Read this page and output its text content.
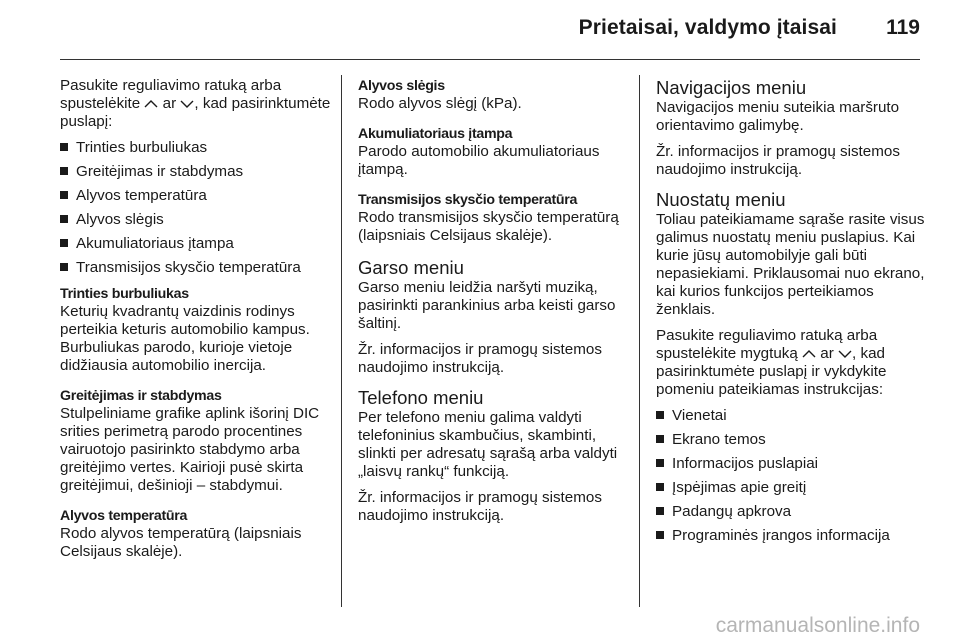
Prietaisai, valdymo įtaisai 119

Pasukite reguliavimo ratuką arba spustelėkite ar , kad pasirinktumėte puslapį:

Trinties burbuliukas
Greitėjimas ir stabdymas
Alyvos temperatūra
Alyvos slėgis
Akumuliatoriaus įtampa
Transmisijos skysčio temperatūra

Trinties burbuliukas

Keturių kvadrantų vaizdinis rodinys perteikia keturis automobilio kampus. Burbuliukas parodo, kurioje vietoje didžiausia automobilio inercija.

Greitėjimas ir stabdymas

Stulpeliniame grafike aplink išorinį DIC srities perimetrą parodo procentines vairuotojo pasirinkto stabdymo arba greitėjimo vertes. Kairioji pusė skirta greitėjimui, dešinioji – stabdymui.

Alyvos temperatūra

Rodo alyvos temperatūrą (laipsniais Celsijaus skalėje).

Alyvos slėgis

Rodo alyvos slėgį (kPa).

Akumuliatoriaus įtampa

Parodo automobilio akumuliatoriaus įtampą.

Transmisijos skysčio temperatūra

Rodo transmisijos skysčio temperatūrą (laipsniais Celsijaus skalėje).

Garso meniu

Garso meniu leidžia naršyti muziką, pasirinkti parankinius arba keisti garso šaltinį.

Žr. informacijos ir pramogų sistemos naudojimo instrukciją.

Telefono meniu

Per telefono meniu galima valdyti telefoninius skambučius, skambinti, slinkti per adresatų sąrašą arba valdyti „laisvų rankų“ funkciją.

Žr. informacijos ir pramogų sistemos naudojimo instrukciją.

Navigacijos meniu

Navigacijos meniu suteikia maršruto orientavimo galimybę.

Žr. informacijos ir pramogų sistemos naudojimo instrukciją.

Nuostatų meniu

Toliau pateikiamame sąraše rasite visus galimus nuostatų meniu puslapius. Kai kurie jūsų automobilyje gali būti nepasiekiami. Priklausomai nuo ekrano, kai kurios funkcijos perteikiamos ženklais.

Pasukite reguliavimo ratuką arba spustelėkite mygtuką ar , kad pasirinktumėte puslapį ir vykdykite pomeniu pateikiamas instrukcijas:

Vienetai
Ekrano temos
Informacijos puslapiai
Įspėjimas apie greitį
Padangų apkrova
Programinės įrangos informacija
carmanualsonline.info
